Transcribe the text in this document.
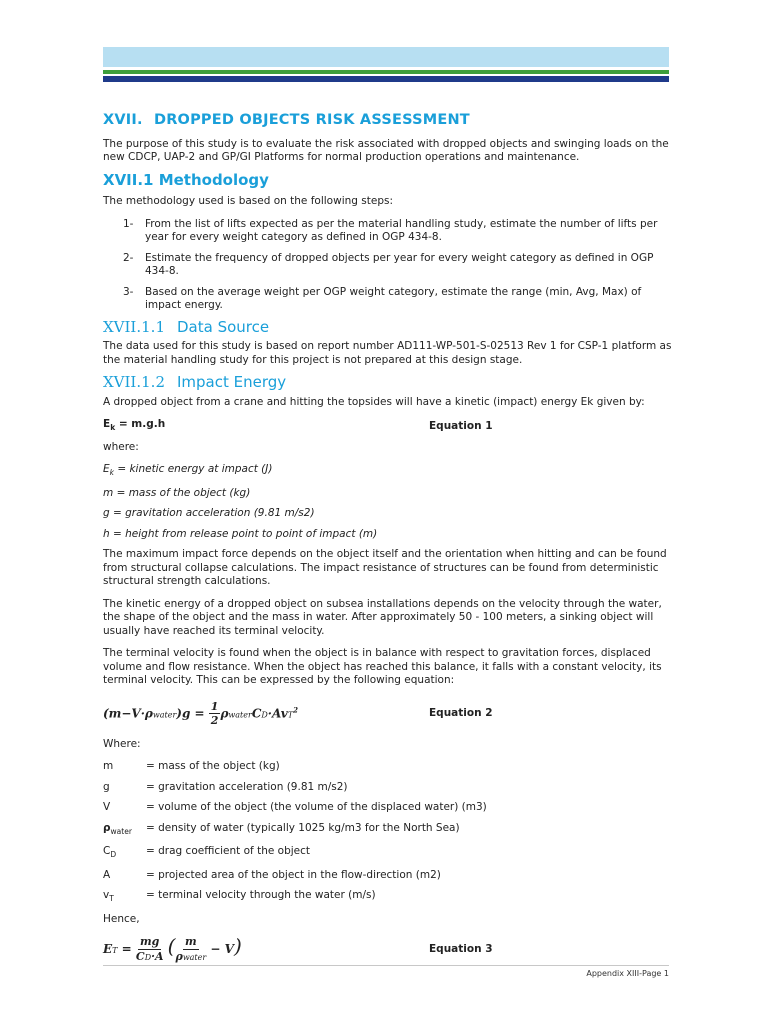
XVII. DROPPED OBJECTS RISK ASSESSMENT

The purpose of this study is to evaluate the risk associated with dropped objects and swinging loads on the new CDCP, UAP-2 and GP/GI Platforms for normal production operations and maintenance.

XVII.1 Methodology

The methodology used is based on the following steps:

1-	From the list of lifts expected as per the material handling study, estimate the number of lifts per year for every weight category as defined in OGP 434-8.
2-	Estimate the frequency of dropped objects per year for every weight category as defined in OGP 434-8.
3-	Based on the average weight per OGP weight category, estimate the range (min, Avg, Max) of impact energy.
XVII.1.1 Data Source

The data used for this study is based on report number AD111-WP-501-S-02513 Rev 1 for CSP-1 platform as the material handling study for this project is not prepared at this design stage.

XVII.1.2 Impact Energy

A dropped object from a crane and hitting the topsides will have a kinetic (impact) energy Ek given by:

$E_k = m.g.h$	Equation 1

where:

$E_k$ = kinetic energy at impact (J)
m = mass of the object (kg)
g = gravitation acceleration (9.81 m/s2)
h = height from release point to point of impact (m)

The maximum impact force depends on the object itself and the orientation when hitting and can be found from structural collapse calculations. The impact resistance of structures can be found from deterministic structural strength calculations.

The kinetic energy of a dropped object on subsea installations depends on the velocity through the water, the shape of the object and the mass in water. After approximately 50 - 100 meters, a sinking object will usually have reached its terminal velocity.

The terminal velocity is found when the object is in balance with respect to gravitation forces, displaced volume and flow resistance. When the object has reached this balance, it falls with a constant velocity, its terminal velocity. This can be expressed by the following equation:

(m−V·ρwater)g = $\frac{1}{2}$ ρwaterCD·AvT$^2$	Equation 2

Where:

m	= mass of the object (kg)
g	= gravitation acceleration (9.81 m/s2)
V	= volume of the object (the volume of the displaced water) (m3)
$\rho_{water}$	= density of water (typically 1025 kg/m3 for the North Sea)
$C_D$	= drag coefficient of the object
A	= projected area of the object in the flow-direction (m2)
$v_T$	= terminal velocity through the water (m/s)

Hence,

ET = $\frac{mg}{CD\cdot A}$ ( $\frac{m}{\text{ρwater}} - V$)	Equation 3
Appendix XIII-Page 1
